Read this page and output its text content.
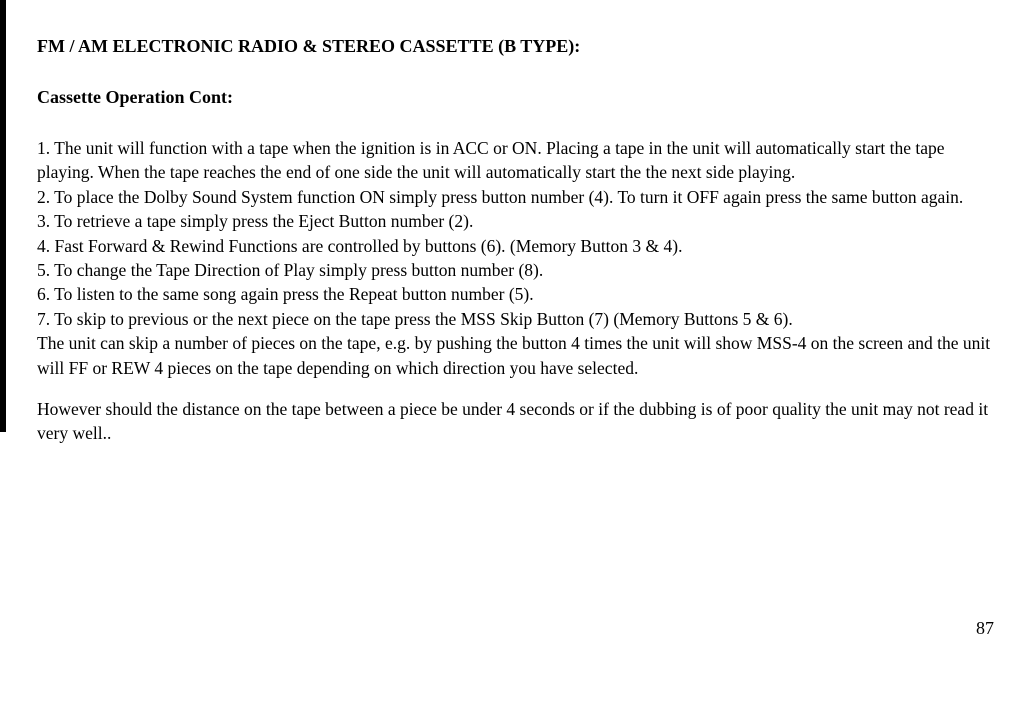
FM / AM ELECTRONIC RADIO & STEREO CASSETTE (B TYPE):
Cassette Operation Cont:

1. The unit will function with a tape when the ignition is in ACC or ON. Placing a tape in the unit will automatically start the tape playing. When the tape reaches the end of one side the unit will automatically start the the next side playing.

2. To place the Dolby Sound System function ON simply press button number (4). To turn it OFF again press the same button again.

3. To retrieve a tape simply press the Eject Button number (2).

4. Fast Forward & Rewind Functions are controlled by buttons (6). (Memory Button 3 & 4).

5. To change the Tape Direction of Play simply press button number (8).

6. To listen to the same song again press the Repeat button number (5).

7. To skip to previous or the next piece on the tape press the MSS Skip Button (7) (Memory Buttons 5 & 6).

The unit can skip a number of pieces on the tape, e.g. by pushing the button 4 times the unit will show MSS-4 on the screen and the unit will FF or REW 4 pieces on the tape depending on which direction you have selected.

However should the distance on the tape between a piece be under 4 seconds or if the dubbing is of poor quality the unit may not read it very well..

87
